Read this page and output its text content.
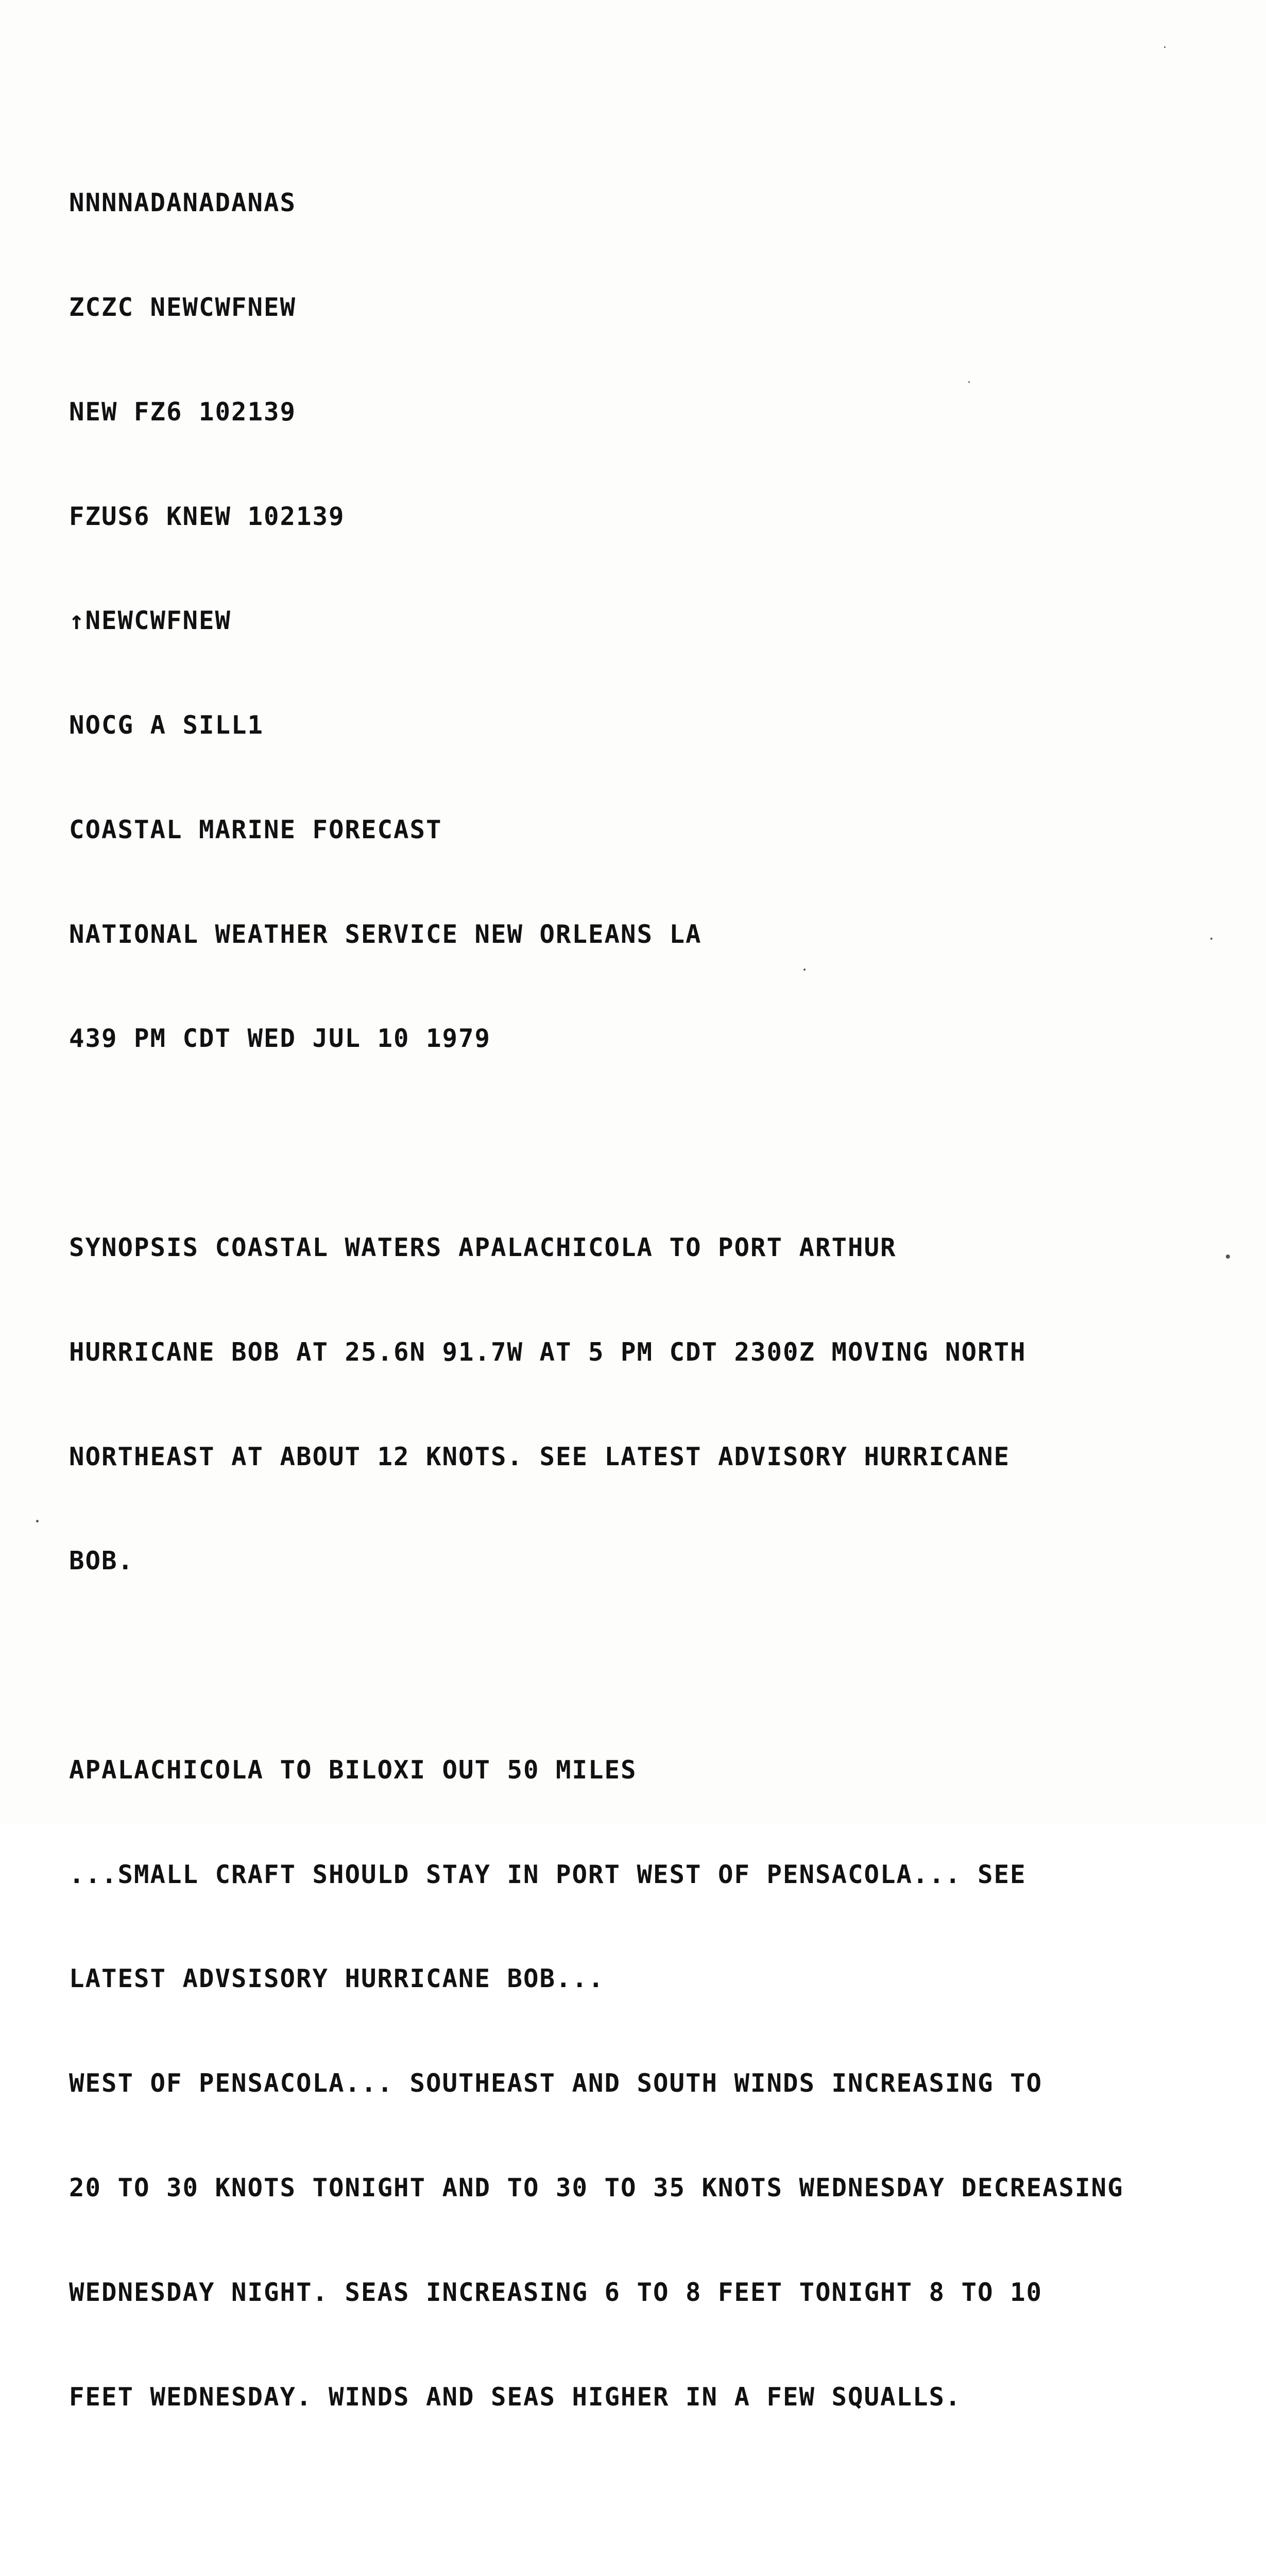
NNNNADANADANAS

ZCZC NEWCWFNEW

NEW FZ6 102139

FZUS6 KNEW 102139

↑NEWCWFNEW

NOCG A SILL1

COASTAL MARINE FORECAST

NATIONAL WEATHER SERVICE NEW ORLEANS LA

439 PM CDT WED JUL 10 1979

SYNOPSIS COASTAL WATERS APALACHICOLA TO PORT ARTHUR

HURRICANE BOB AT 25.6N 91.7W AT 5 PM CDT 2300Z MOVING NORTH

NORTHEAST AT ABOUT 12 KNOTS. SEE LATEST ADVISORY HURRICANE

BOB.

APALACHICOLA TO BILOXI OUT 50 MILES

...SMALL CRAFT SHOULD STAY IN PORT WEST OF PENSACOLA... SEE

LATEST ADVSISORY HURRICANE BOB...

WEST OF PENSACOLA... SOUTHEAST AND SOUTH WINDS INCREASING TO

20 TO 30 KNOTS TONIGHT AND TO 30 TO 35 KNOTS WEDNESDAY DECREASING

WEDNESDAY NIGHT. SEAS INCREASING 6 TO 8 FEET TONIGHT 8 TO 10

FEET WEDNESDAY. WINDS AND SEAS HIGHER IN A FEW SQUALLS.
